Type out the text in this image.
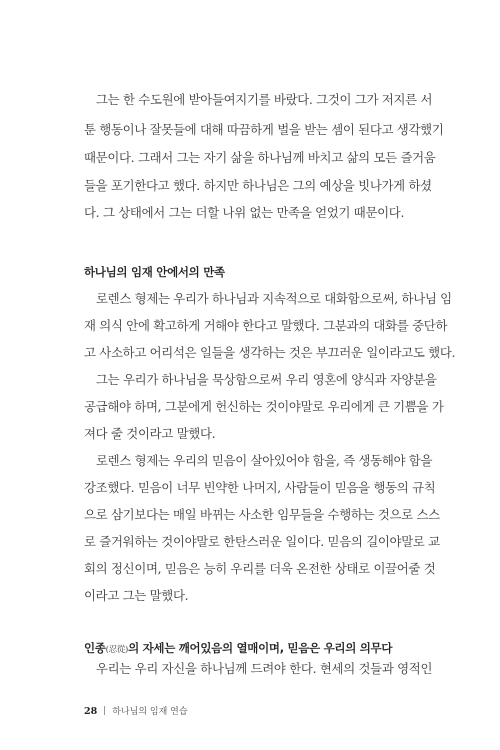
그는 한 수도원에 받아들여지기를 바랐다. 그것이 그가 저지른 서
툰 행동이나 잘못들에 대해 따끔하게 벌을 받는 셈이 된다고 생각했기
때문이다. 그래서 그는 자기 삶을 하나님께 바치고 삶의 모든 즐거움
들을 포기한다고 했다. 하지만 하나님은 그의 예상을 빗나가게 하셨
다. 그 상태에서 그는 더할 나위 없는 만족을 얻었기 때문이다.
하나님의 임재 안에서의 만족
로렌스 형제는 우리가 하나님과 지속적으로 대화함으로써, 하나님 임
재 의식 안에 확고하게 거해야 한다고 말했다. 그분과의 대화를 중단하
고 사소하고 어리석은 일들을 생각하는 것은 부끄러운 일이라고도 했다.
그는 우리가 하나님을 묵상함으로써 우리 영혼에 양식과 자양분을
공급해야 하며, 그분에게 헌신하는 것이야말로 우리에게 큰 기쁨을 가
져다 줄 것이라고 말했다.
로렌스 형제는 우리의 믿음이 살아있어야 함을, 즉 생동해야 함을
강조했다. 믿음이 너무 빈약한 나머지, 사람들이 믿음을 행동의 규칙
으로 삼기보다는 매일 바뀌는 사소한 임무들을 수행하는 것으로 스스
로 즐거워하는 것이야말로 한탄스러운 일이다. 믿음의 길이야말로 교
회의 정신이며, 믿음은 능히 우리를 더욱 온전한 상태로 이끌어줄 것
이라고 그는 말했다.
인종(忍從)의 자세는 깨어있음의 열매이며, 믿음은 우리의 의무다
우리는 우리 자신을 하나님께 드려야 한다. 현세의 것들과 영적인
28 하나님의 임재 연습
